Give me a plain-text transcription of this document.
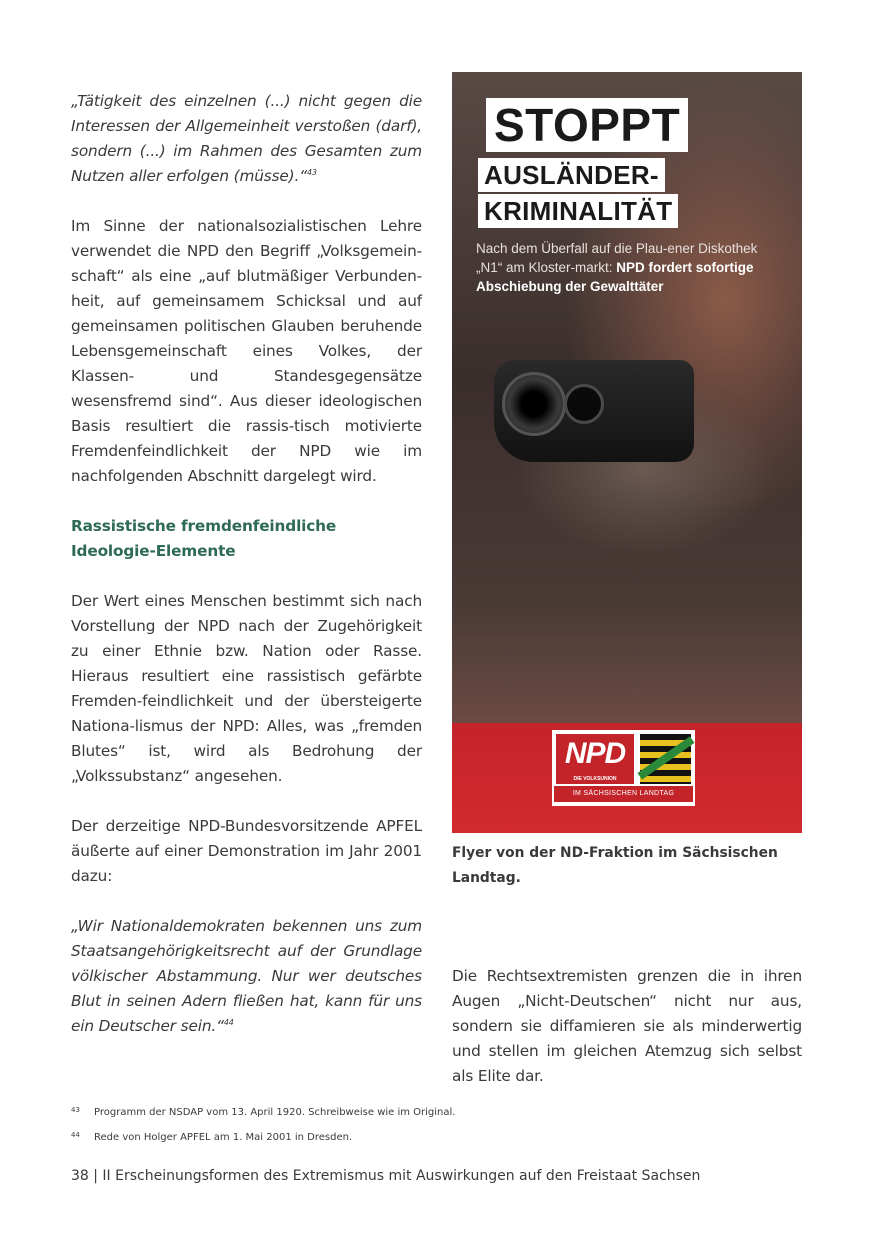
„Tätigkeit des einzelnen (...) nicht gegen die Interessen der Allgemeinheit verstoßen (darf), sondern (...) im Rahmen des Gesamten zum Nutzen aller erfolgen (müsse).“$^{43}$

Im Sinne der nationalsozialistischen Lehre verwendet die NPD den Begriff „Volksgemein-schaft“ als eine „auf blutmäßiger Verbunden-heit, auf gemeinsamem Schicksal und auf gemeinsamen politischen Glauben beruhende Lebensgemeinschaft eines Volkes, der Klassen- und Standesgegensätze wesensfremd sind“. Aus dieser ideologischen Basis resultiert die rassis-tisch motivierte Fremdenfeindlichkeit der NPD wie im nachfolgenden Abschnitt dargelegt wird.

Rassistische fremdenfeindliche Ideologie-Elemente

Der Wert eines Menschen bestimmt sich nach Vorstellung der NPD nach der Zugehörigkeit zu einer Ethnie bzw. Nation oder Rasse. Hieraus resultiert eine rassistisch gefärbte Fremden-feindlichkeit und der übersteigerte Nationa-lismus der NPD: Alles, was „fremden Blutes“ ist, wird als Bedrohung der „Volkssubstanz“ angesehen.

Der derzeitige NPD-Bundesvorsitzende APFEL äußerte auf einer Demonstration im Jahr 2001 dazu:

„Wir Nationaldemokraten bekennen uns zum Staatsangehörigkeitsrecht auf der Grundlage völkischer Abstammung. Nur wer deutsches Blut in seinen Adern fließen hat, kann für uns ein Deutscher sein.“$^{44}$

STOPPT
AUSLÄNDER-
KRIMINALITÄT
Nach dem Überfall auf die Plau-ener Diskothek „N1“ am Kloster-markt: NPD fordert sofortige Abschiebung der Gewalttäter
NPD
DIE VOLKSUNION
IM SÄCHSISCHEN LANDTAG
Flyer von der ND-Fraktion im Sächsischen Landtag.
Die Rechtsextremisten grenzen die in ihren Augen „Nicht-Deutschen“ nicht nur aus, sondern sie diffamieren sie als minderwertig und stellen im gleichen Atemzug sich selbst als Elite dar.
43 Programm der NSDAP vom 13. April 1920. Schreibweise wie im Original.
44 Rede von Holger APFEL am 1. Mai 2001 in Dresden.
38 | II Erscheinungsformen des Extremismus mit Auswirkungen auf den Freistaat Sachsen
